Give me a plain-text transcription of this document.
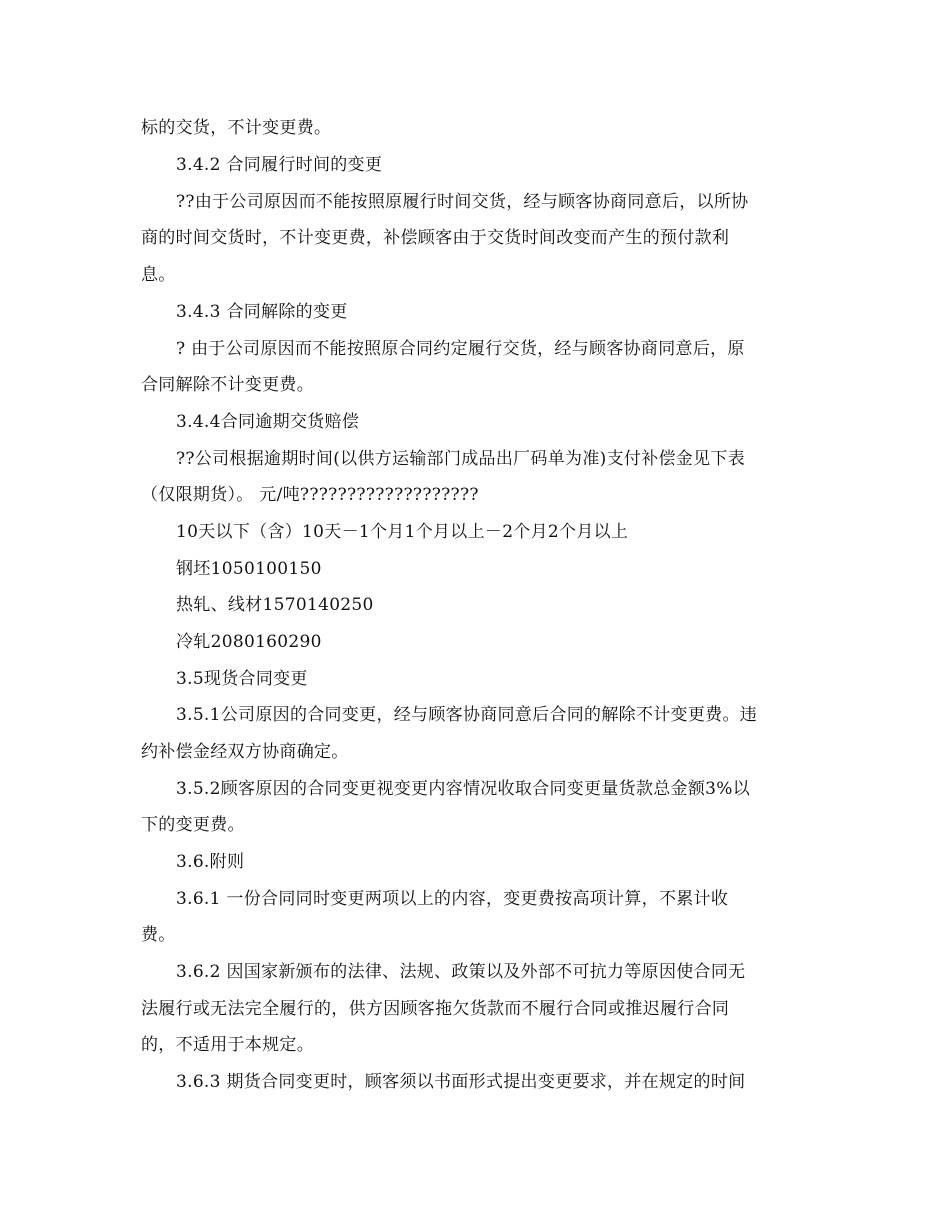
标的交货，不计变更费。
3.4.2 合同履行时间的变更
??由于公司原因而不能按照原履行时间交货，经与顾客协商同意后，以所协
商的时间交货时，不计变更费，补偿顾客由于交货时间改变而产生的预付款利
息。
3.4.3 合同解除的变更
? 由于公司原因而不能按照原合同约定履行交货，经与顾客协商同意后，原
合同解除不计变更费。
3.4.4合同逾期交货赔偿
??公司根据逾期时间(以供方运输部门成品出厂码单为准)支付补偿金见下表
（仅限期货）。 元/吨???????????????????
10天以下（含）10天－1个月1个月以上－2个月2个月以上
钢坯1050100150
热轧、线材1570140250
冷轧2080160290
3.5现货合同变更
3.5.1公司原因的合同变更，经与顾客协商同意后合同的解除不计变更费。违
约补偿金经双方协商确定。
3.5.2顾客原因的合同变更视变更内容情况收取合同变更量货款总金额3%以
下的变更费。
3.6.附则
3.6.1 一份合同同时变更两项以上的内容，变更费按高项计算，不累计收
费。
3.6.2 因国家新颁布的法律、法规、政策以及外部不可抗力等原因使合同无
法履行或无法完全履行的，供方因顾客拖欠货款而不履行合同或推迟履行合同
的，不适用于本规定。
3.6.3 期货合同变更时，顾客须以书面形式提出变更要求，并在规定的时间
